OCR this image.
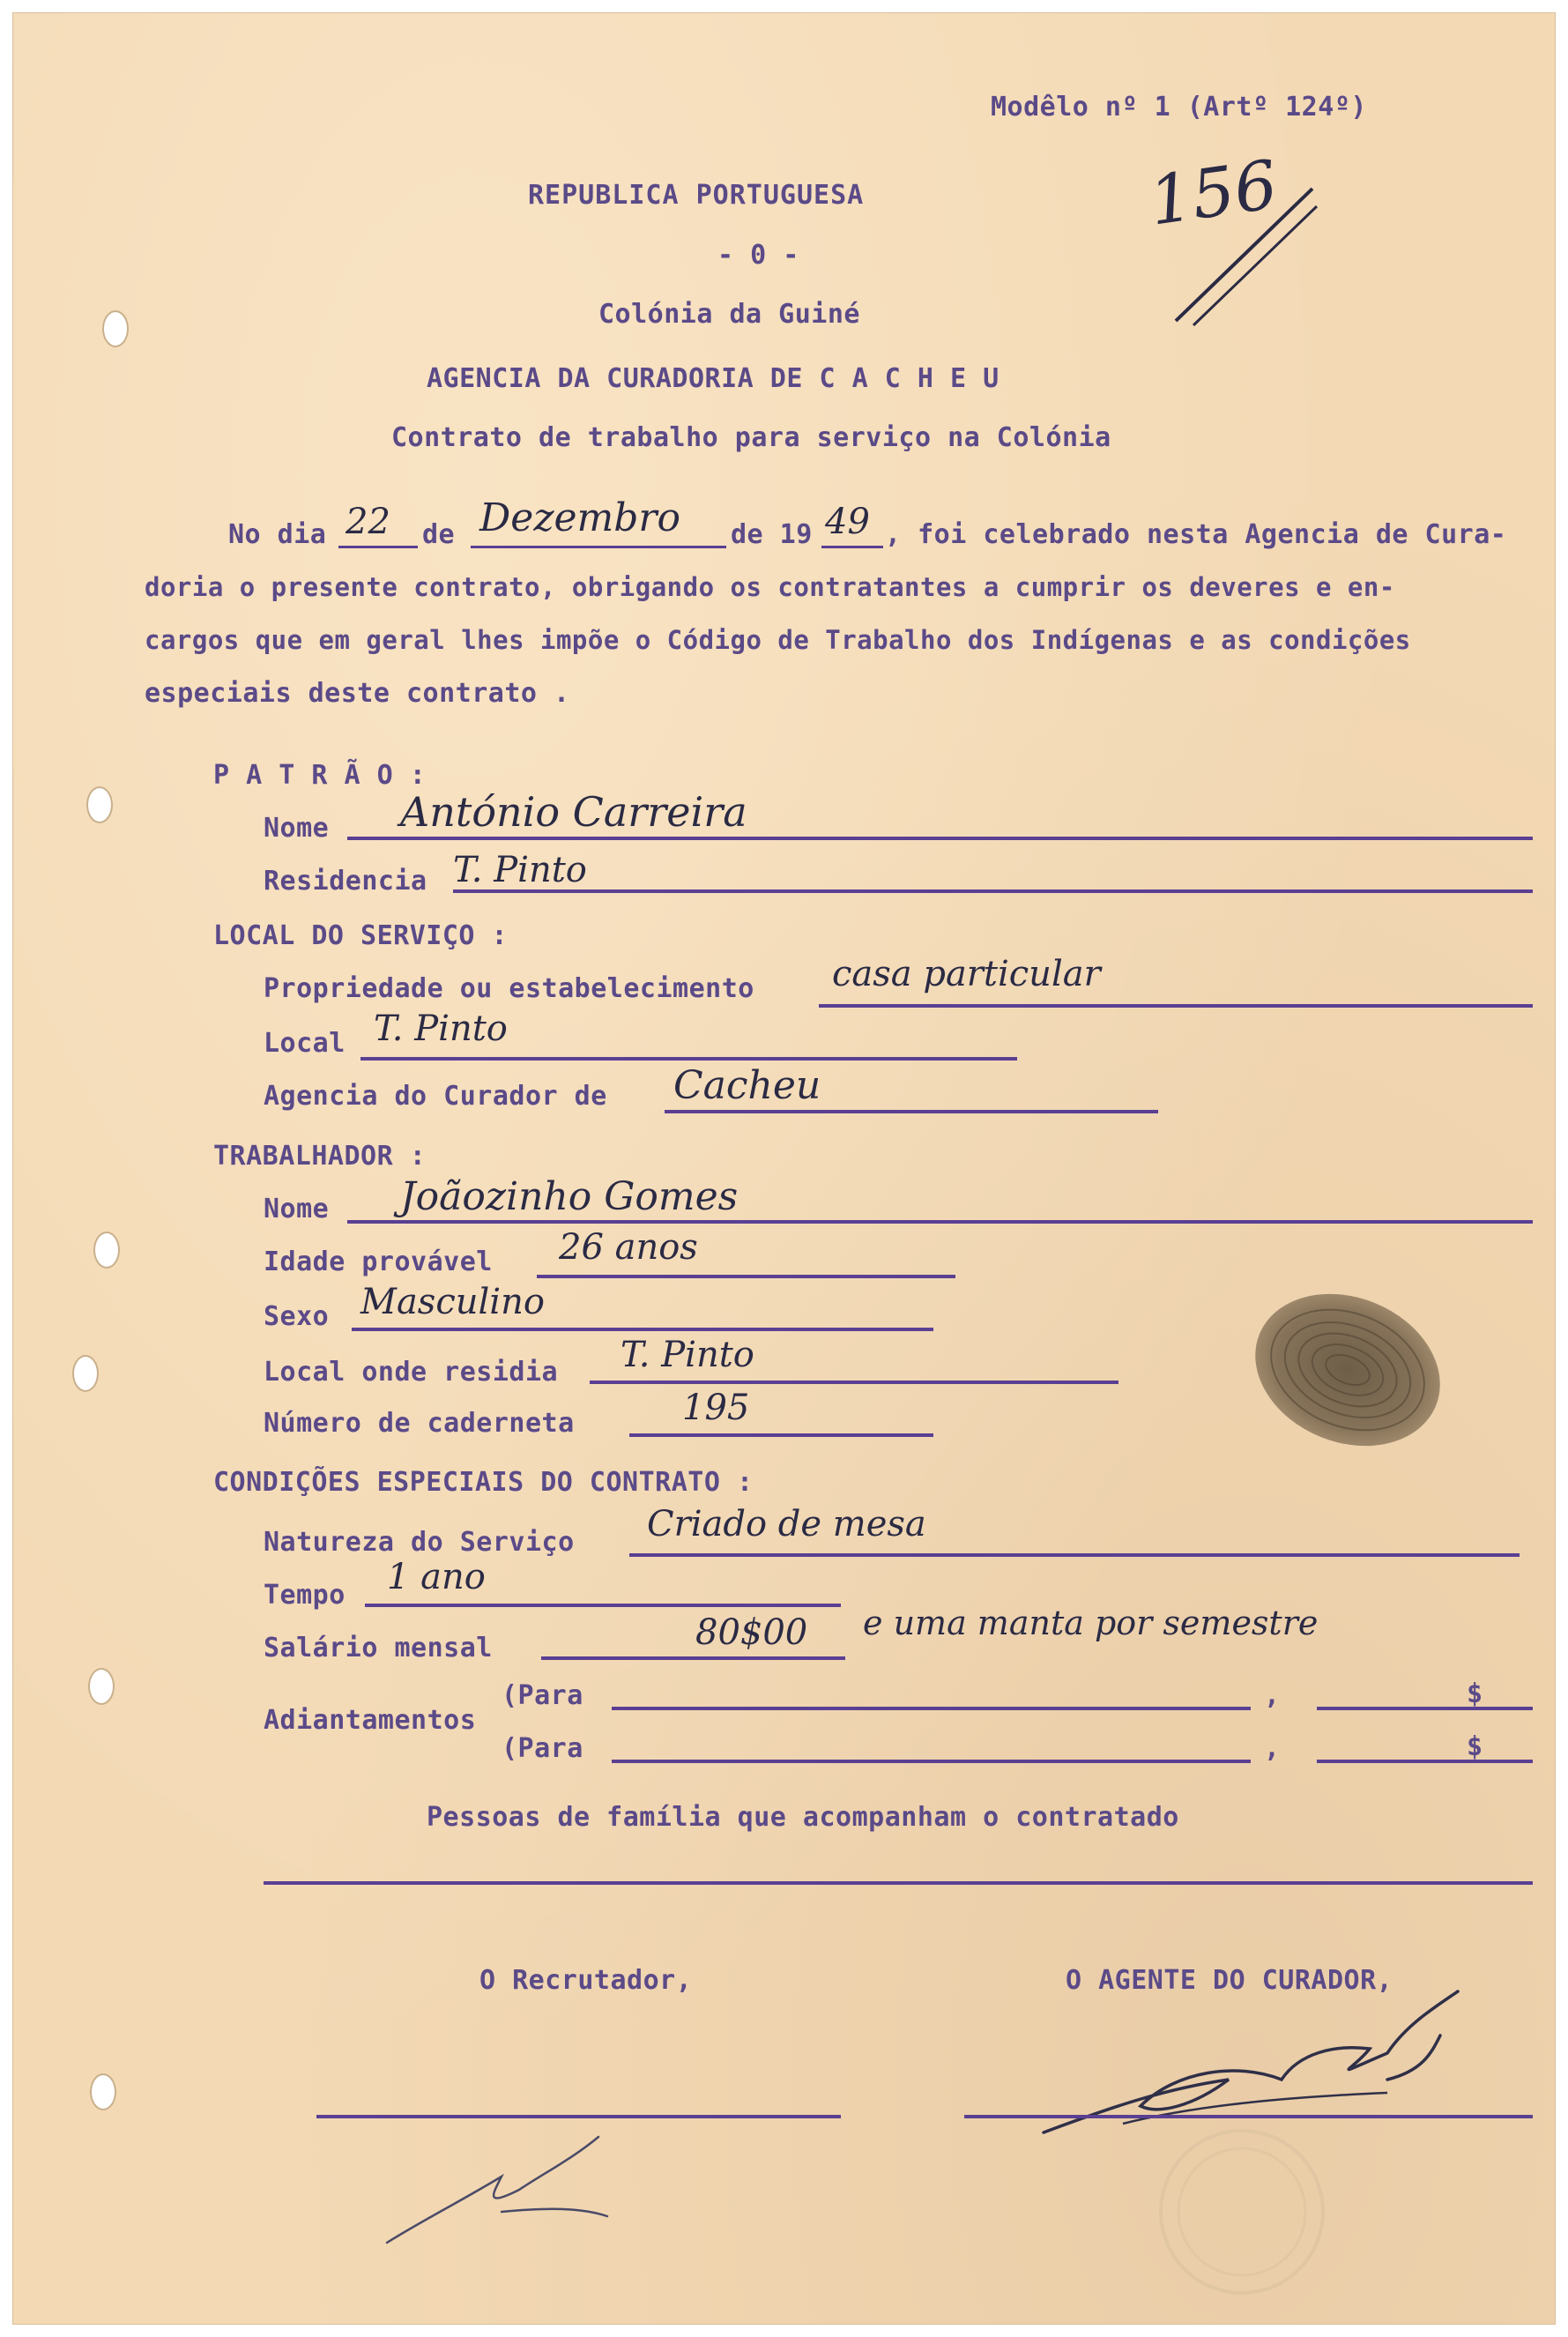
Modêlo nº 1 (Artº 124º)
REPUBLICA PORTUGUESA
- 0 -
Colónia da Guiné
AGENCIA DA CURADORIA DE C A C H E U
Contrato de trabalho para serviço na Colónia
156
No dia 22 de Dezembro de 19 49 , foi celebrado nesta Agencia de Cura-
doria o presente contrato, obrigando os contratantes a cumprir os deveres e en-
cargos que em geral lhes impõe o Código de Trabalho dos Indígenas e as condições
especiais deste contrato .
P A T R Ã O :
Nome António Carreira
Residencia T. Pinto
LOCAL DO SERVIÇO :
Propriedade ou estabelecimento casa particular
Local T. Pinto
Agencia do Curador de Cacheu
TRABALHADOR :
Nome Joãozinho Gomes
Idade provável 26 anos
Sexo Masculino
Local onde residia T. Pinto
Número de caderneta	195
CONDIÇÕES ESPECIAIS DO CONTRATO :
Natureza do Serviço Criado de mesa
Tempo 1 ano
Salário mensal	80$00 e uma manta por semestre
Adiantamentos
(Para	,	$
(Para	,	$
Pessoas de família que acompanham o contratado
O Recrutador,	O AGENTE DO CURADOR,
